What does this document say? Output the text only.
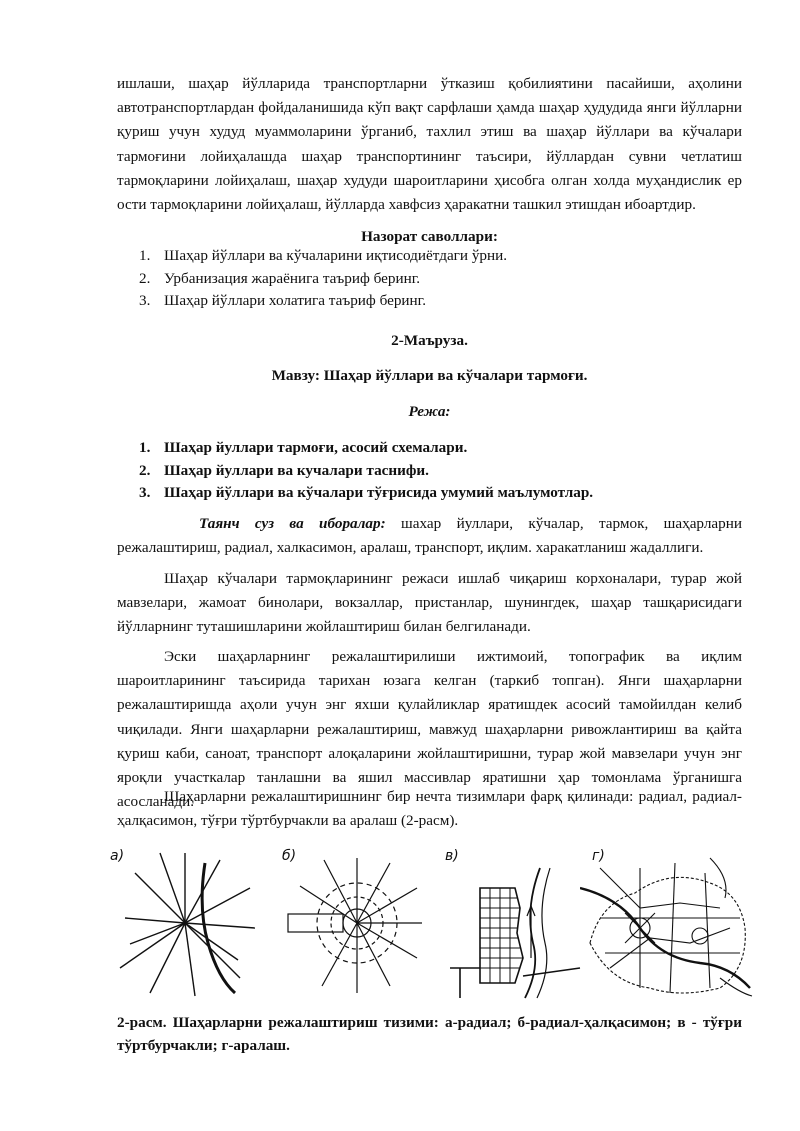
ишлаши, шаҳар йўлларида транспортларни ўтказиш қобилиятини пасайиши, аҳолини автотранспортлардан фойдаланишида кўп вақт сарфлаши ҳамда шаҳар ҳудудида янги йўлларни қуриш учун худуд муаммоларини ўрганиб, тахлил этиш ва шаҳар йўллари ва кўчалари тармоғини лойиҳалашда шаҳар транспортининг таъсири, йўллардан сувни четлатиш тармоқларини лойиҳалаш, шаҳар худуди шароитларини ҳисобга олган холда муҳандислик ер ости тармоқларини лойиҳалаш, йўлларда хавфсиз ҳаракатни ташкил этишдан ибоартдир.

Назорат саволлари:

1. Шаҳар йўллари ва кўчаларини иқтисодиётдаги ўрни.
2. Урбанизация жараёнига таъриф беринг.
3. Шаҳар йўллари холатига таъриф беринг.

2-Маъруза.

Мавзу: Шаҳар йўллари ва кўчалари тармоғи.

Режа:

1. Шаҳар йуллари тармоғи, асосий схемалари.
2. Шаҳар йуллари ва кучалари таснифи.
3. Шаҳар йўллари ва кўчалари тўғрисида умумий маълумотлар.

Таянч суз ва иборалар: шахар йуллари, кўчалар, тармок, шаҳарларни режалаштириш, радиал, халкасимон, аралаш, транспорт, иқлим. харакатланиш жадаллиги.

Шаҳар кўчалари тармоқларининг режаси ишлаб чиқариш корхоналари, турар жой мавзелари, жамоат бинолари, вокзаллар, пристанлар, шунингдек, шаҳар ташқарисидаги йўлларнинг туташишларини жойлаштириш билан белгиланади.

Эски шаҳарларнинг режалаштирилиши ижтимоий, топографик ва иқлим шароитларининг таъсирида тарихан юзага келган (таркиб топган). Янги шаҳарларни режалаштиришда аҳоли учун энг яхши қулайликлар яратишдек асосий тамойилдан келиб чиқилади. Янги шаҳарларни режалаштириш, мавжуд шаҳарларни ривожлантириш ва қайта қуриш каби, саноат, транспорт алоқаларини жойлаштиришни, турар жой мавзелари учун энг яроқли участкалар танлашни ва яшил массивлар яратишни ҳар томонлама ўрганишга асосланади.

Шаҳарларни режалаштиришнинг бир нечта тизимлари фарқ қилинади: радиал, радиал-ҳалқасимон, тўғри тўртбурчакли ва аралаш (2-расм).

а)	б)	в)	г)

2-расм. Шаҳарларни режалаштириш тизими: а-радиал; б-радиал-ҳалқасимон; в - тўғри тўртбурчакли; г-аралаш.
